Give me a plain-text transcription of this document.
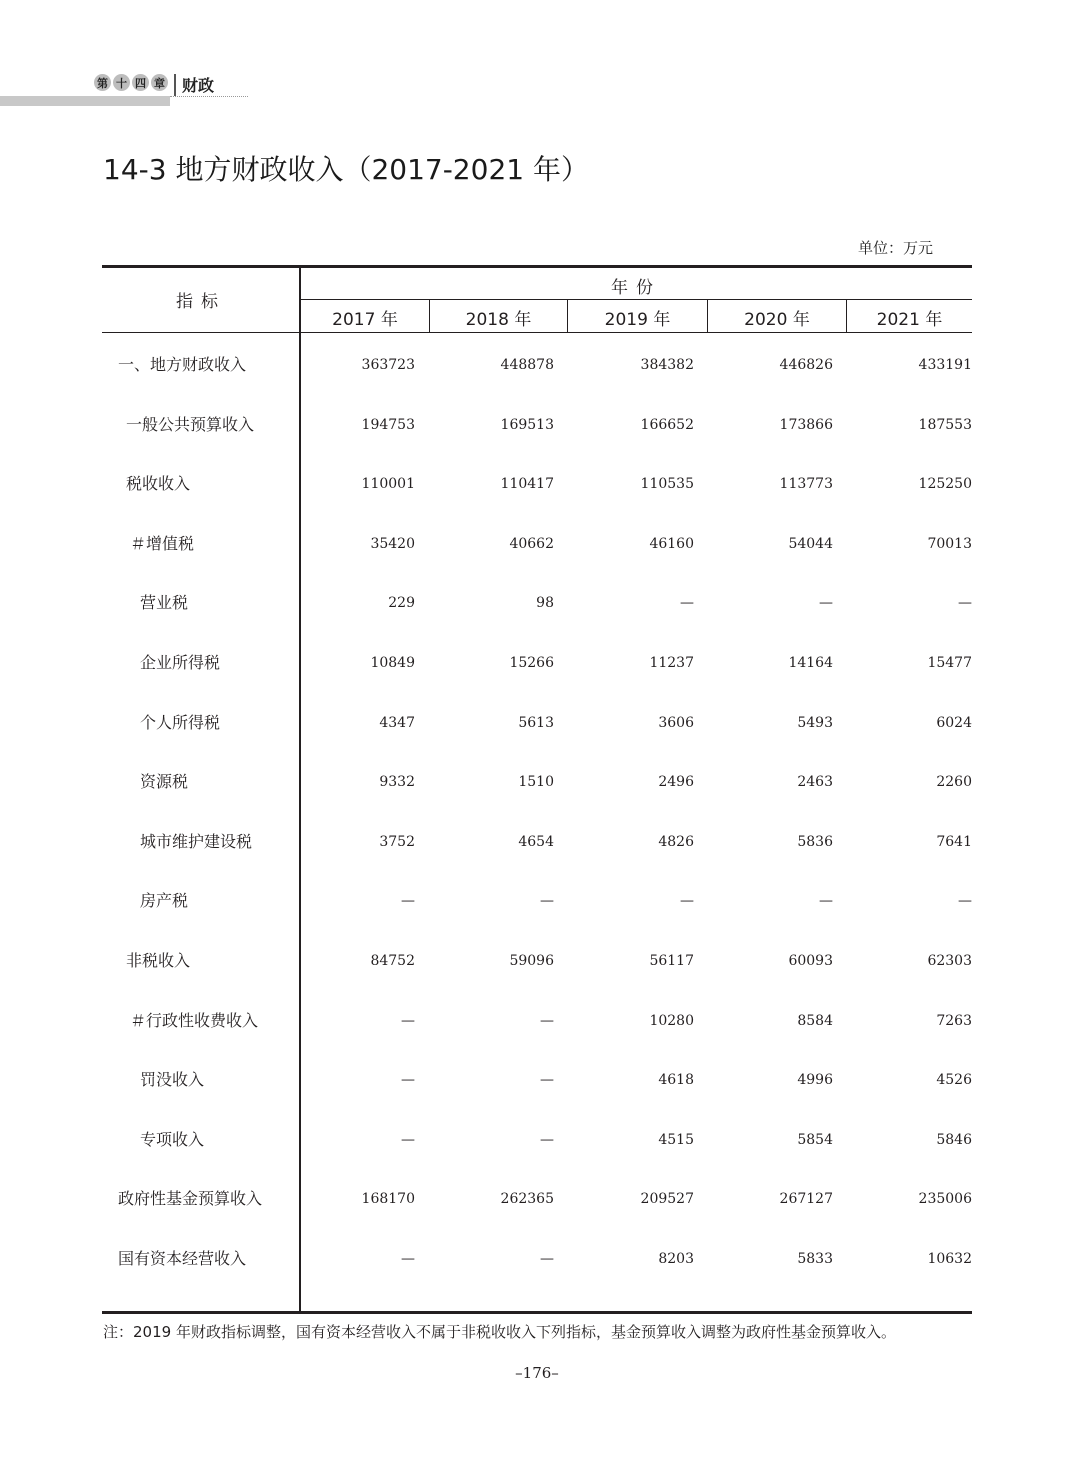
第 十 四 章 财政
14-3 地方财政收入（2017-2021 年）
单位：万元
指标
年份
2017 年	2018 年	2019 年	2020 年	2021 年
一、地方财政收入	363723	448878	384382	446826	433191
一般公共预算收入	194753	169513	166652	173866	187553
税收收入	110001	110417	110535	113773	125250
＃增值税	35420	40662	46160	54044	70013
营业税	229	98	—	—	—
企业所得税	10849	15266	11237	14164	15477
个人所得税	4347	5613	3606	5493	6024
资源税	9332	1510	2496	2463	2260
城市维护建设税	3752	4654	4826	5836	7641
房产税	—	—	—	—	—
非税收入	84752	59096	56117	60093	62303
＃行政性收费收入	—	—	10280	8584	7263
罚没收入	—	—	4618	4996	4526
专项收入	—	—	4515	5854	5846
政府性基金预算收入	168170	262365	209527	267127	235006
国有资本经营收入	—	—	8203	5833	10632
注：2019 年财政指标调整，国有资本经营收入不属于非税收收入下列指标，基金预算收入调整为政府性基金预算收入。
–176–
